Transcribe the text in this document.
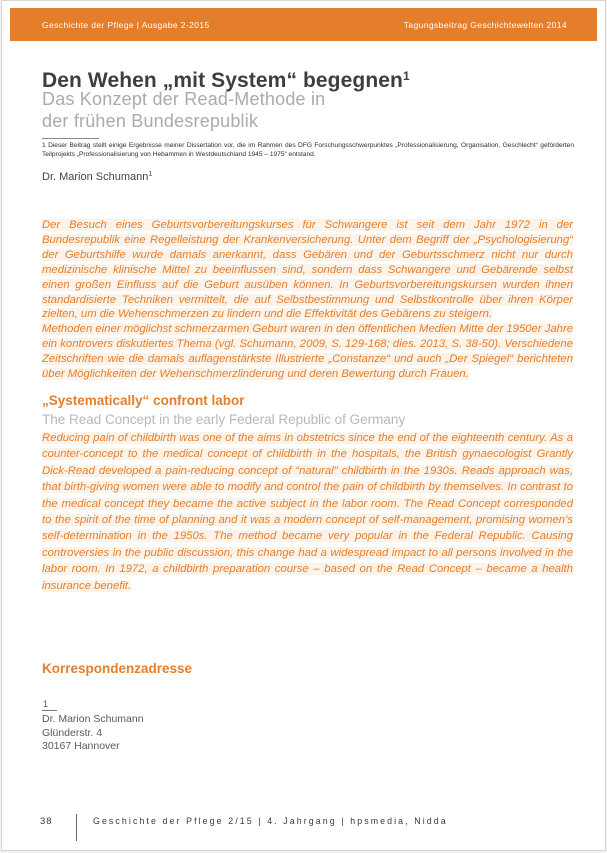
Geschichte der Pflege | Ausgabe 2-2015	Tagungsbeitrag Geschichtewelten 2014
Den Wehen „mit System“ begegnen$^1$
Das Konzept der Read-Methode in
der frühen Bundesrepublik

1 Dieser Beitrag stellt einige Ergebnisse meiner Dissertation vor, die im Rahmen des DFG Forschungsschwerpunktes „Professionalisierung, Organisation, Geschlecht“ geförderten Teilprojekts „Professionalisierung von Hebammen in Westdeutschland 1945 – 1975“ entstand.

Dr. Marion Schumann$^1$

Der Besuch eines Geburtsvorbereitungskurses für Schwangere ist seit dem Jahr 1972 in der Bundesrepublik eine Regelleistung der Krankenversicherung. Unter dem Begriff der „Psychologisierung“ der Geburtshilfe wurde damals anerkannt, dass Gebären und der Geburtsschmerz nicht nur durch medizinische klinische Mittel zu beeinflussen sind, sondern dass Schwangere und Gebärende selbst einen großen Einfluss auf die Geburt ausüben können. In Geburtsvorbereitungskursen wurden ihnen standardisierte Techniken vermittelt, die auf Selbstbestimmung und Selbstkontrolle über ihren Körper zielten, um die Wehenschmerzen zu lindern und die Effektivität des Gebärens zu steigern.

Methoden einer möglichst schmerzarmen Geburt waren in den öffentlichen Medien Mitte der 1950er Jahre ein kontrovers diskutiertes Thema (vgl. Schumann, 2009, S. 129-168; dies. 2013, S. 38-50). Verschiedene Zeitschriften wie die damals auflagenstärkste Illustrierte „Constanze“ und auch „Der Spiegel“ berichteten über Möglichkeiten der Wehenschmerzlinderung und deren Bewertung durch Frauen.

„Systematically“ confront labor
The Read Concept in the early Federal Republic of Germany

Reducing pain of childbirth was one of the aims in obstetrics since the end of the eighteenth century. As a counter-concept to the medical concept of childbirth in the hospitals, the British gynaecologist Grantly Dick-Read developed a pain-reducing concept of “natural” childbirth in the 1930s. Reads approach was, that birth-giving women were able to modify and control the pain of childbirth by themselves. In contrast to the medical concept they became the active subject in the labor room. The Read Concept corresponded to the spirit of the time of planning and it was a modern concept of self-management, promising women’s self-determination in the 1950s. The method became very popular in the Federal Republic. Causing controversies in the public discussion, this change had a widespread impact to all persons involved in the labor room. In 1972, a childbirth preparation course – based on the Read Concept – became a health insurance benefit.

Korrespondenzadresse
1
Dr. Marion Schumann
Glünderstr. 4
30167 Hannover
38	Geschichte der Pflege 2/15 | 4. Jahrgang | hpsmedia, Nidda
